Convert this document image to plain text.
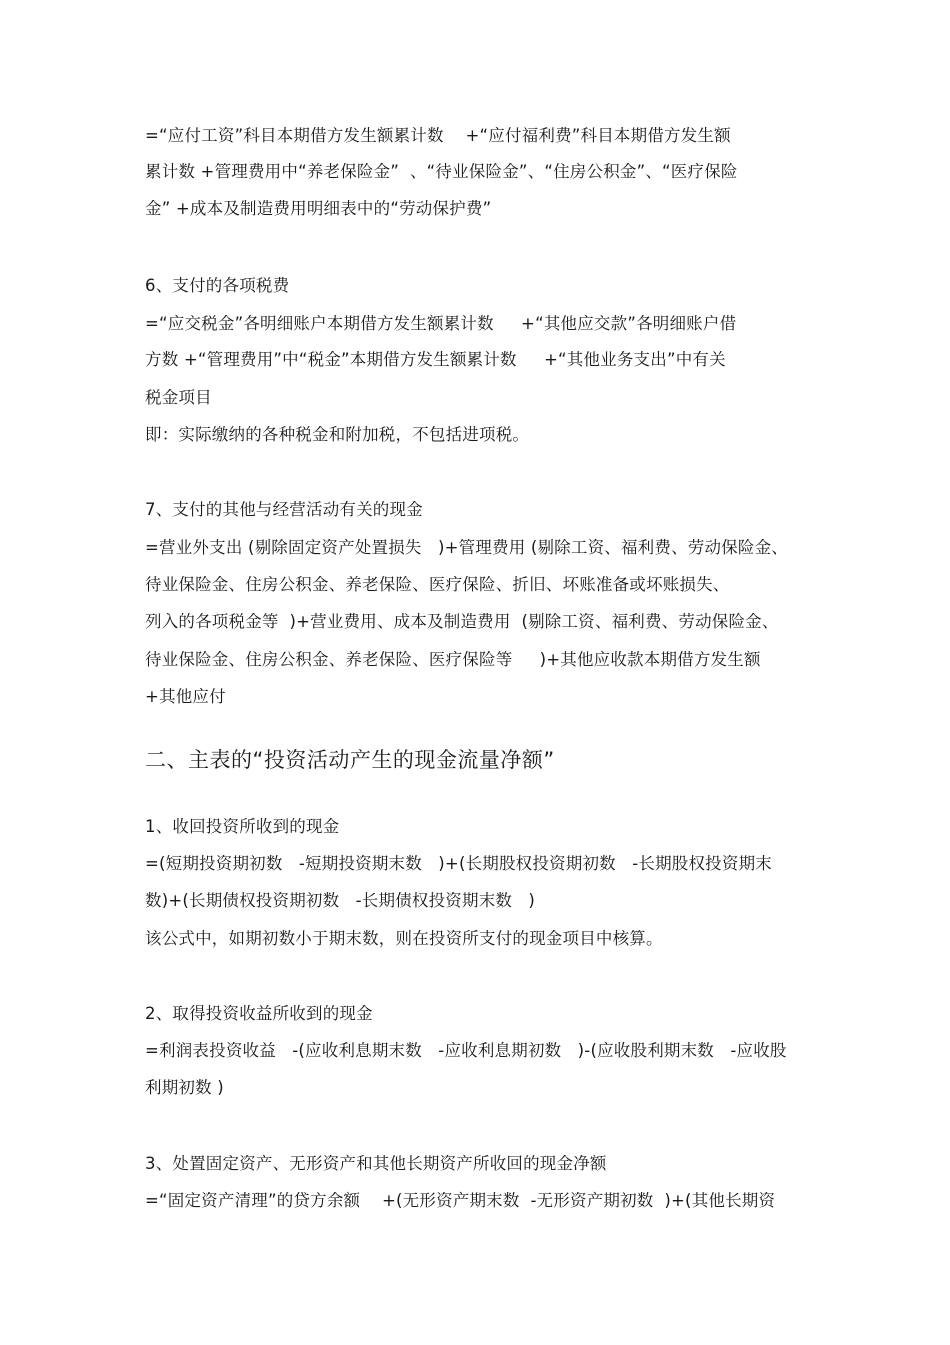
=“应付工资”科目本期借方发生额累计数    +“应付福利费”科目本期借方发生额
累计数 +管理费用中“养老保险金”  、“待业保险金”、“住房公积金”、“医疗保险
金” +成本及制造费用明细表中的“劳动保护费”
6、支付的各项税费
=“应交税金”各明细账户本期借方发生额累计数     +“其他应交款”各明细账户借
方数 +“管理费用”中“税金”本期借方发生额累计数     +“其他业务支出”中有关
税金项目
即：实际缴纳的各种税金和附加税，不包括进项税。
7、支付的其他与经营活动有关的现金
=营业外支出 (剔除固定资产处置损失   )+管理费用 (剔除工资、福利费、劳动保险金、
待业保险金、住房公积金、养老保险、医疗保险、折旧、坏账准备或坏账损失、
列入的各项税金等  )+营业费用、成本及制造费用  (剔除工资、福利费、劳动保险金、
待业保险金、住房公积金、养老保险、医疗保险等     )+其他应收款本期借方发生额
+其他应付
二、主表的“投资活动产生的现金流量净额”
1、收回投资所收到的现金
=(短期投资期初数   -短期投资期末数   )+(长期股权投资期初数   -长期股权投资期末
数)+(长期债权投资期初数   -长期债权投资期末数   )
该公式中，如期初数小于期末数，则在投资所支付的现金项目中核算。
2、取得投资收益所收到的现金
=利润表投资收益   -(应收利息期末数   -应收利息期初数   )-(应收股利期末数   -应收股
利期初数 )
3、处置固定资产、无形资产和其他长期资产所收回的现金净额
=“固定资产清理”的贷方余额    +(无形资产期末数  -无形资产期初数  )+(其他长期资
